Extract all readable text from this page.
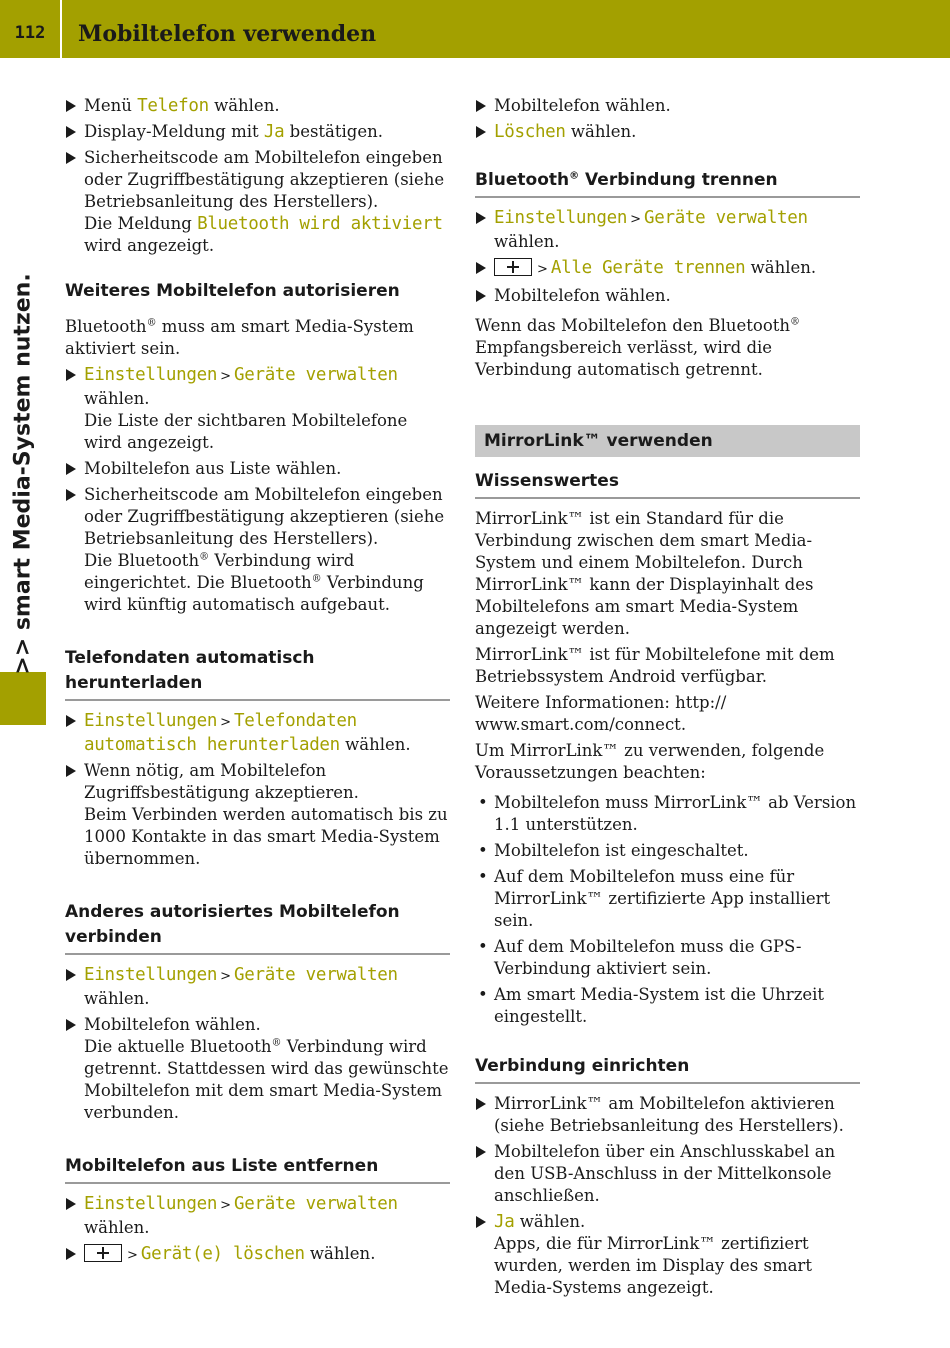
112	Mobiltelefon verwenden
>> smart Media-System nutzen.
Menü Telefon wählen.
Display-Meldung mit Ja bestätigen.
Sicherheitscode am Mobiltelefon eingeben oder Zugriffbestätigung akzeptieren (siehe Betriebsanleitung des Herstellers).
Die Meldung Bluetooth wird aktiviert
wird angezeigt.
Weiteres Mobiltelefon autorisieren
Bluetooth® muss am smart Media-System aktiviert sein.
Einstellungen > Geräte verwalten wählen.
Die Liste der sichtbaren Mobiltelefone wird angezeigt.
Mobiltelefon aus Liste wählen.
Sicherheitscode am Mobiltelefon eingeben oder Zugriffbestätigung akzeptieren (siehe Betriebsanleitung des Herstellers).
Die Bluetooth® Verbindung wird eingerichtet. Die Bluetooth® Verbindung wird künftig automatisch aufgebaut.
Telefondaten automatisch herunterladen
Einstellungen > Telefondaten automatisch herunterladen wählen.
Wenn nötig, am Mobiltelefon Zugriffsbestätigung akzeptieren.
Beim Verbinden werden automatisch bis zu 1000 Kontakte in das smart Media-System übernommen.
Anderes autorisiertes Mobiltelefon verbinden
Einstellungen > Geräte verwalten wählen.
Mobiltelefon wählen.
Die aktuelle Bluetooth® Verbindung wird getrennt. Stattdessen wird das gewünschte Mobiltelefon mit dem smart Media-System verbunden.
Mobiltelefon aus Liste entfernen
Einstellungen > Geräte verwalten wählen.
> Gerät(e) löschen wählen.
Mobiltelefon wählen.
Löschen wählen.
Bluetooth® Verbindung trennen
Einstellungen > Geräte verwalten wählen.
> Alle Geräte trennen wählen.
Mobiltelefon wählen.
Wenn das Mobiltelefon den Bluetooth® Empfangsbereich verlässt, wird die Verbindung automatisch getrennt.
MirrorLink™ verwenden
Wissenswertes
MirrorLink™ ist ein Standard für die Verbindung zwischen dem smart Media-System und einem Mobiltelefon. Durch MirrorLink™ kann der Displayinhalt des Mobiltelefons am smart Media-System angezeigt werden.
MirrorLink™ ist für Mobiltelefone mit dem Betriebssystem Android verfügbar.
Weitere Informationen: http:// www.smart.com/connect.
Um MirrorLink™ zu verwenden, folgende Voraussetzungen beachten:
• Mobiltelefon muss MirrorLink™ ab Version 1.1 unterstützen.
• Mobiltelefon ist eingeschaltet.
• Auf dem Mobiltelefon muss eine für MirrorLink™ zertifizierte App installiert sein.
• Auf dem Mobiltelefon muss die GPS-Verbindung aktiviert sein.
• Am smart Media-System ist die Uhrzeit eingestellt.
Verbindung einrichten
MirrorLink™ am Mobiltelefon aktivieren (siehe Betriebsanleitung des Herstellers).
Mobiltelefon über ein Anschlusskabel an den USB-Anschluss in der Mittelkonsole anschließen.
Ja wählen.
Apps, die für MirrorLink™ zertifiziert wurden, werden im Display des smart Media-Systems angezeigt.
